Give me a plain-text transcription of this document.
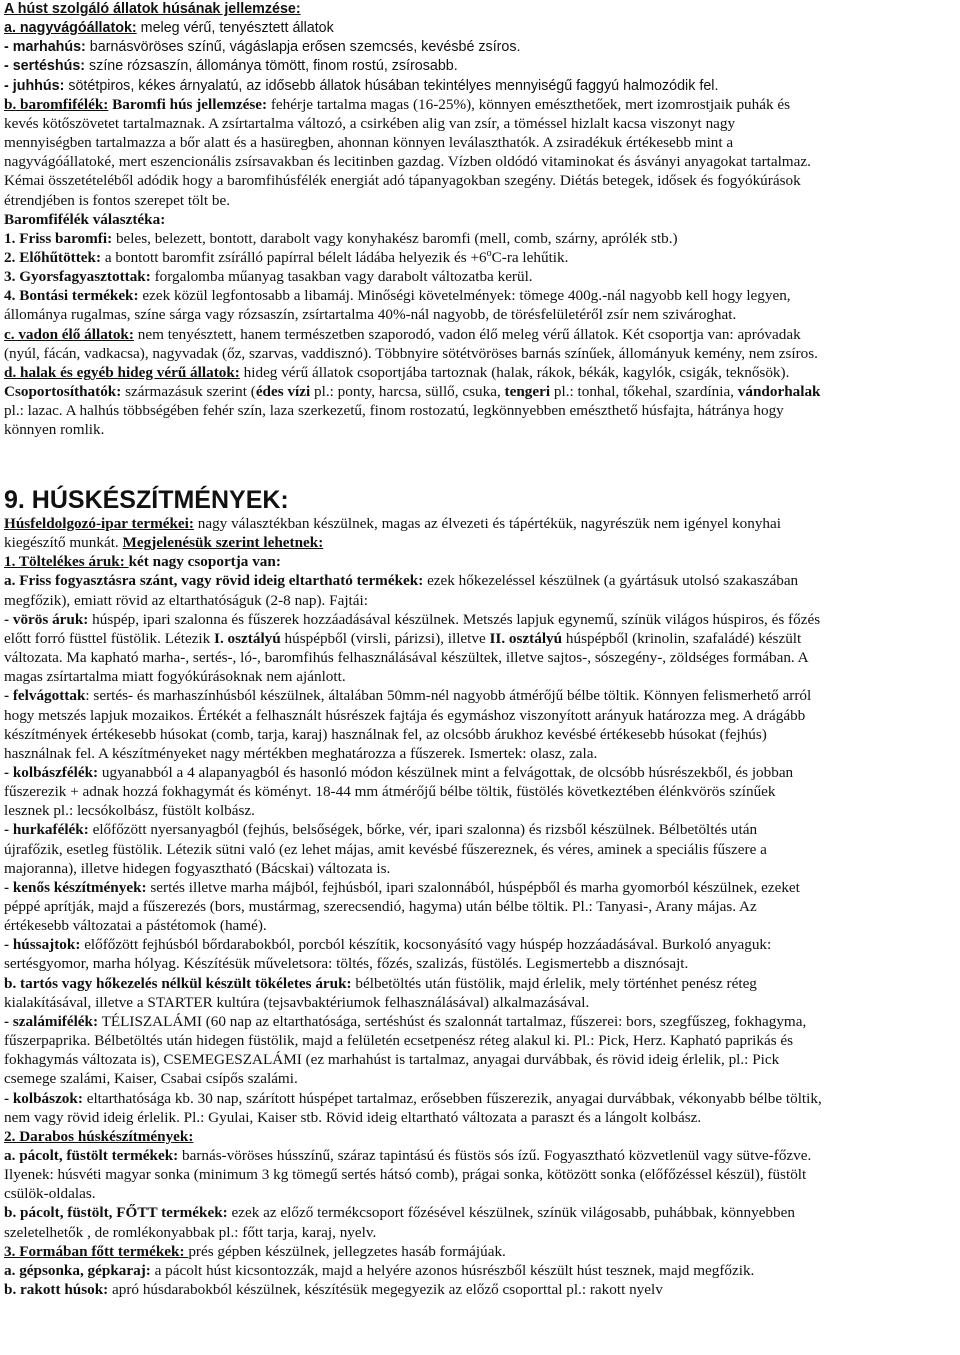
9. HÚSKÉSZÍTMÉNYEK:
A húst szolgáló állatok húsának jellemzése:
a. nagyvágóállatok: meleg vérű, tenyésztett állatok
- marhahús: barnásvöröses színű, vágáslapja erősen szemcsés, kevésbé zsíros.
- sertéshús: színe rózsaszín, állománya tömött, finom rostú, zsírosabb.
- juhhús: sötétpiros, kékes árnyalatú, az idősebb állatok húsában tekintélyes mennyiségű faggyú halmozódik fel.
b. baromfifélék: Baromfi hús jellemzése: fehérje tartalma magas (16-25%), könnyen emészthetőek, mert izomrostjaik puhák és
kevés kötőszövetet tartalmaznak. A zsírtartalma változó, a csirkében alig van zsír, a töméssel hizlalt kacsa viszonyt nagy
mennyiségben tartalmazza a bőr alatt és a hasüregben, ahonnan könnyen leválaszthatók. A zsiradékuk értékesebb mint a
nagyvágóállatoké, mert eszencionális zsírsavakban és lecitinben gazdag. Vízben oldódó vitaminokat és ásványi anyagokat tartalmaz.
Kémai összetételéből adódik hogy a baromfihúsfélék energiát adó tápanyagokban szegény. Diétás betegek, idősek és fogyókúrások
étrendjében is fontos szerepet tölt be.
Baromfifélék választéka:
1. Friss baromfi: beles, belezett, bontott, darabolt vagy konyhakész baromfi (mell, comb, szárny, aprólék stb.)
2. Előhűtöttek: a bontott baromfit zsírálló papírral bélelt ládába helyezik és $+6^oC-ra$ lehűtik.
3. Gyorsfagyasztottak: forgalomba műanyag tasakban vagy darabolt változatba kerül.
4. Bontási termékek: ezek közül legfontosabb a libamáj. Minőségi követelmények: tömege 400g.-nál nagyobb kell hogy legyen,
állománya rugalmas, színe sárga vagy rózsaszín, zsírtartalma 40%-nál nagyobb, de törésfelületéről zsír nem szivároghat.
c. vadon élő állatok: nem tenyésztett, hanem természetben szaporodó, vadon élő meleg vérű állatok. Két csoportja van: apróvadak
(nyúl, fácán, vadkacsa), nagyvadak (őz, szarvas, vaddisznó). Többnyire sötétvöröses barnás színűek, állományuk kemény, nem zsíros.
d. halak és egyéb hideg vérű állatok: hideg vérű állatok csoportjába tartoznak (halak, rákok, békák, kagylók, csigák, teknősök).
Csoportosíthatók: származásuk szerint (édes vízi pl.: ponty, harcsa, süllő, csuka, tengeri pl.: tonhal, tőkehal, szardínia, vándorhalak
pl.: lazac. A halhús többségében fehér szín, laza szerkezetű, finom rostozatú, legkönnyebben emészthető húsfajta, hátránya hogy
könnyen romlik.
Húsfeldolgozó-ipar termékei: nagy választékban készülnek, magas az élvezeti és tápértékük, nagyrészük nem igényel konyhai
kiegészítő munkát. Megjelenésük szerint lehetnek:
1. Töltelékes áruk: két nagy csoportja van:
a. Friss fogyasztásra szánt, vagy rövid ideig eltartható termékek: ezek hőkezeléssel készülnek (a gyártásuk utolsó szakaszában
megfőzik), emiatt rövid az eltarthatóságuk (2-8 nap). Fajtái:
- vörös áruk: húspép, ipari szalonna és fűszerek hozzáadásával készülnek. Metszés lapjuk egynemű, színük világos húspiros, és főzés
előtt forró füsttel füstölik. Létezik I. osztályú húspépből (virsli, párizsi), illetve II. osztályú húspépből (krinolin, szafaládé) készült
változata. Ma kapható marha-, sertés-, ló-, baromfihús felhasználásával készültek, illetve sajtos-, sószegény-, zöldséges formában. A
magas zsírtartalma miatt fogyókúrásoknak nem ajánlott.
- felvágottak: sertés- és marhaszínhúsból készülnek, általában 50mm-nél nagyobb átmérőjű bélbe töltik. Könnyen felismerhető arról
hogy metszés lapjuk mozaikos. Értékét a felhasznált húsrészek fajtája és egymáshoz viszonyított arányuk határozza meg. A drágább
készítmények értékesebb húsokat (comb, tarja, karaj) használnak fel, az olcsóbb árukhoz kevésbé értékesebb húsokat (fejhús)
használnak fel. A készítményeket nagy mértékben meghatározza a fűszerek. Ismertek: olasz, zala.
- kolbászfélék: ugyanabból a 4 alapanyagból és hasonló módon készülnek mint a felvágottak, de olcsóbb húsrészekből, és jobban
fűszerezik + adnak hozzá fokhagymát és köményt. 18-44 mm átmérőjű bélbe töltik, füstölés következtében élénkvörös színűek
lesznek pl.: lecsókolbász, füstölt kolbász.
- hurkafélék: előfőzött nyersanyagból (fejhús, belsőségek, bőrke, vér, ipari szalonna) és rizsből készülnek. Bélbetöltés után
újrafőzik, esetleg füstölik. Létezik sütni való (ez lehet májas, amit kevésbé fűszereznek, és véres, aminek a speciális fűszere a
majoranna), illetve hidegen fogyasztható (Bácskai) változata is.
- kenős készítmények: sertés illetve marha májból, fejhúsból, ipari szalonnából, húspépből és marha gyomorból készülnek, ezeket
péppé aprítják, majd a fűszerezés (bors, mustármag, szerecsendió, hagyma) után bélbe töltik. Pl.: Tanyasi-, Arany májas. Az
értékesebb változatai a pástétomok (hamé).
- hússajtok: előfőzött fejhúsból bőrdarabokból, porcból készítik, kocsonyásító vagy húspép hozzáadásával. Burkoló anyaguk:
sertésgyomor, marha hólyag. Készítésük műveletsora: töltés, főzés, szalizás, füstölés. Legismertebb a disznósajt.
b. tartós vagy hőkezelés nélkül készült tökéletes áruk: bélbetöltés után füstölik, majd érlelik, mely történhet penész réteg
kialakításával, illetve a STARTER kultúra (tejsavbaktériumok felhasználásával) alkalmazásával.
- szalámifélék: TÉLISZALÁMI (60 nap az eltarthatósága, sertéshúst és szalonnát tartalmaz, fűszerei: bors, szegfűszeg, fokhagyma,
fűszerpaprika. Bélbetöltés után hidegen füstölik, majd a felületén ecsetpenész réteg alakul ki. Pl.: Pick, Herz. Kapható paprikás és
fokhagymás változata is), CSEMEGESZALÁMI (ez marhahúst is tartalmaz, anyagai durvábbak, és rövid ideig érlelik, pl.: Pick
csemege szalámi, Kaiser, Csabai csípős szalámi.
- kolbászok: eltarthatósága kb. 30 nap, szárított húspépet tartalmaz, erősebben fűszerezik, anyagai durvábbak, vékonyabb bélbe töltik,
nem vagy rövid ideig érlelik. Pl.: Gyulai, Kaiser stb. Rövid ideig eltartható változata a paraszt és a lángolt kolbász.
2. Darabos húskészítmények:
a. pácolt, füstölt termékek: barnás-vöröses hússzínű, száraz tapintású és füstös sós ízű. Fogyasztható közvetlenül vagy sütve-főzve.
Ilyenek: húsvéti magyar sonka (minimum 3 kg tömegű sertés hátsó comb), prágai sonka, kötözött sonka (előfőzéssel készül), füstölt
csülök-oldalas.
b. pácolt, füstölt, FŐTT termékek: ezek az előző termékcsoport főzésével készülnek, színük világosabb, puhábbak, könnyebben
szeletelhetők , de romlékonyabbak pl.: főtt tarja, karaj, nyelv.
3. Formában főtt termékek: prés gépben készülnek, jellegzetes hasáb formájúak.
a. gépsonka, gépkaraj: a pácolt húst kicsontozzák, majd a helyére azonos húsrészből készült húst tesznek, majd megfőzik.
b. rakott húsok: apró húsdarabokból készülnek, készítésük megegyezik az előző csoporttal pl.: rakott nyelv
